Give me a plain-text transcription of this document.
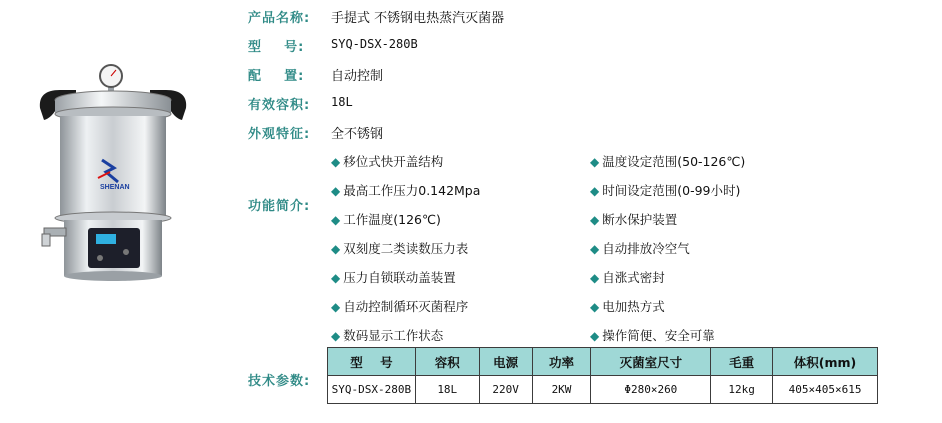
SHENAN
产品名称: 手提式 不锈钢电热蒸汽灭菌器
型    号: SYQ-DSX-280B
配    置: 自动控制
有效容积: 18L
外观特征: 全不锈钢
功能简介:
◆ 移位式快开盖结构
◆ 最高工作压力0.142Mpa
◆ 工作温度(126℃)
◆ 双刻度二类读数压力表
◆ 压力自锁联动盖装置
◆ 自动控制循环灭菌程序
◆ 数码显示工作状态
◆ 温度设定范围(50-126℃)
◆ 时间设定范围(0-99小时)
◆ 断水保护装置
◆ 自动排放冷空气
◆ 自涨式密封
◆ 电加热方式
◆ 操作简便、安全可靠
技术参数:
型    号	容积	电源	功率	灭菌室尺寸	毛重	体积(mm)
SYQ-DSX-280B	18L	220V	2KW	Φ280×260	12kg	405×405×615
